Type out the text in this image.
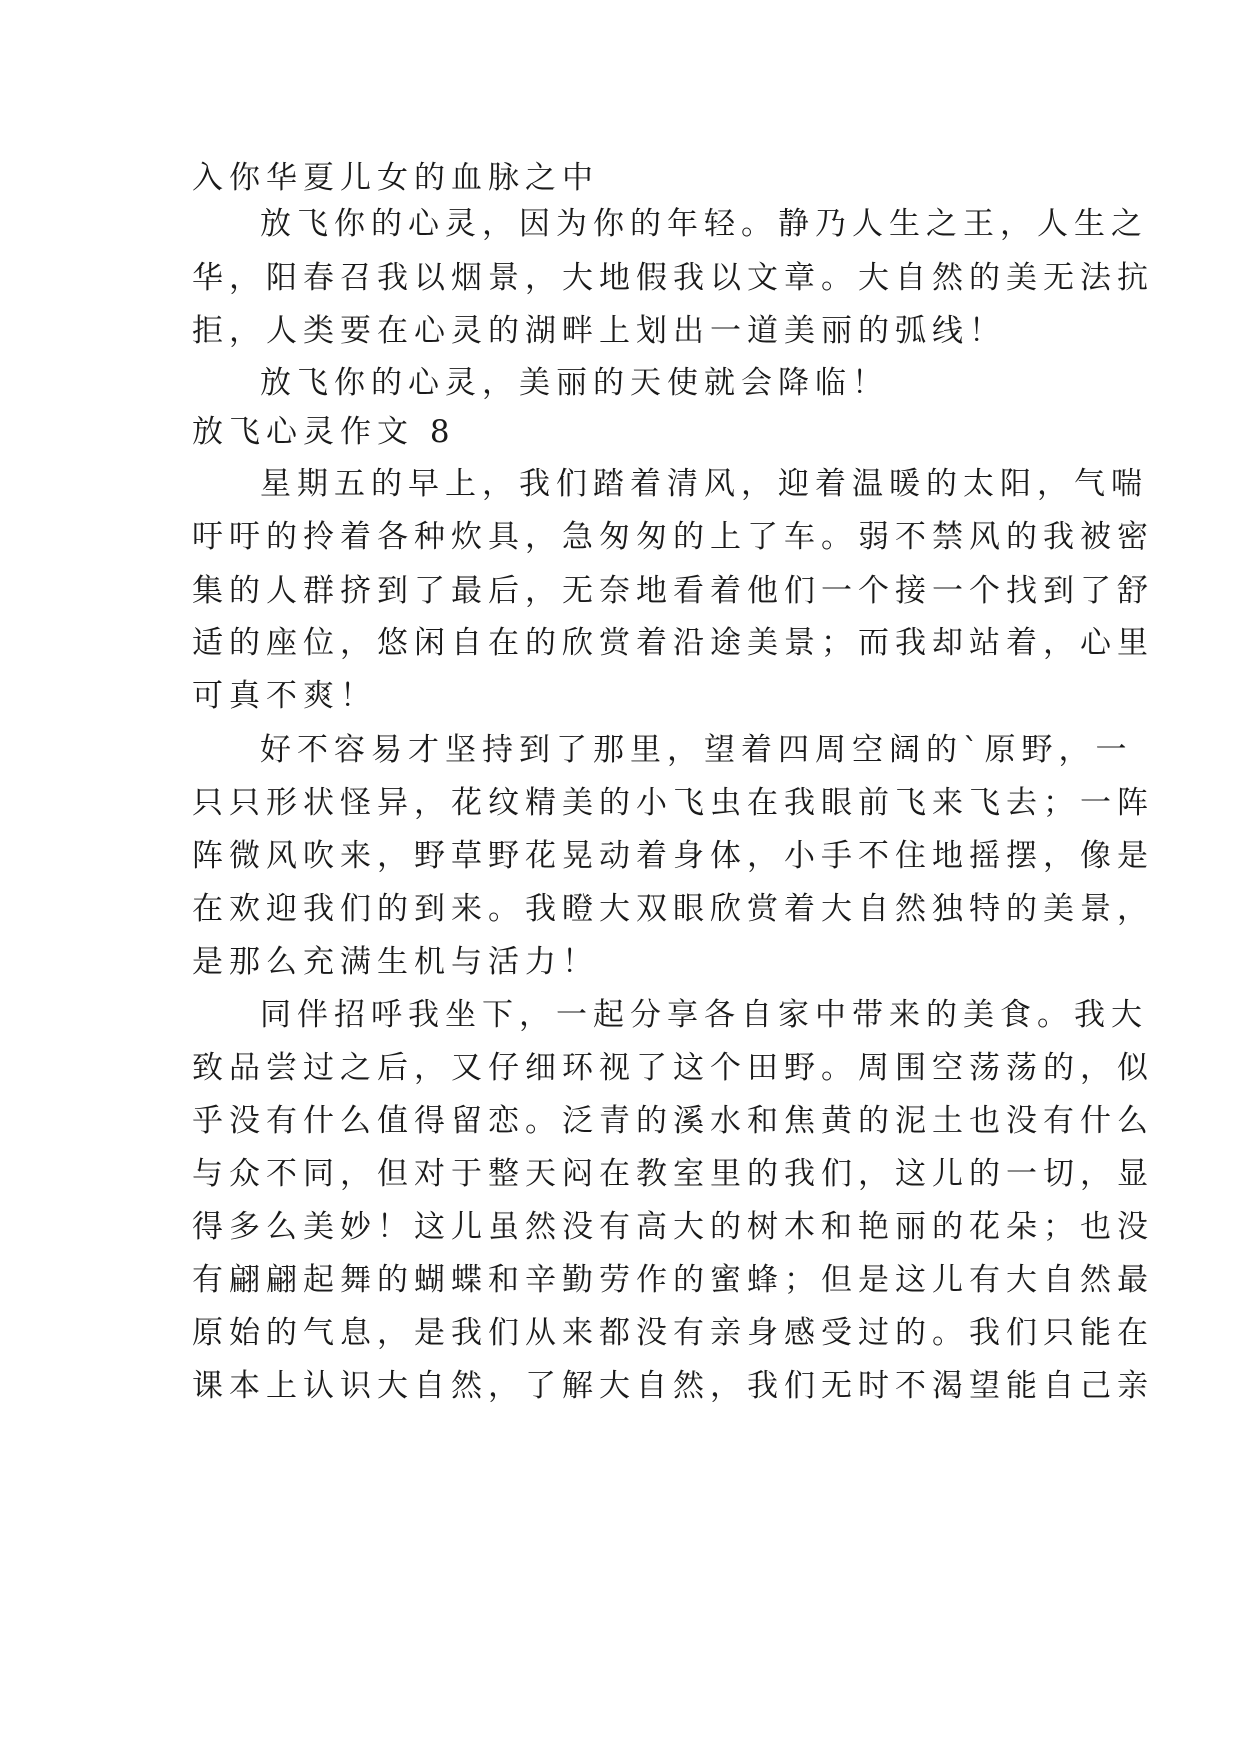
入你华夏儿女的血脉之中
放飞你的心灵，因为你的年轻。静乃人生之王，人生之
华，阳春召我以烟景，大地假我以文章。大自然的美无法抗
拒，人类要在心灵的湖畔上划出一道美丽的弧线！
放飞你的心灵，美丽的天使就会降临！
放飞心灵作文 8
星期五的早上，我们踏着清风，迎着温暖的太阳，气喘
吁吁的拎着各种炊具，急匆匆的上了车。弱不禁风的我被密
集的人群挤到了最后，无奈地看着他们一个接一个找到了舒
适的座位，悠闲自在的欣赏着沿途美景；而我却站着，心里
可真不爽！
好不容易才坚持到了那里，望着四周空阔的`原野，一
只只形状怪异，花纹精美的小飞虫在我眼前飞来飞去；一阵
阵微风吹来，野草野花晃动着身体，小手不住地摇摆，像是
在欢迎我们的到来。我瞪大双眼欣赏着大自然独特的美景，
是那么充满生机与活力！
同伴招呼我坐下，一起分享各自家中带来的美食。我大
致品尝过之后，又仔细环视了这个田野。周围空荡荡的，似
乎没有什么值得留恋。泛青的溪水和焦黄的泥土也没有什么
与众不同，但对于整天闷在教室里的我们，这儿的一切，显
得多么美妙！这儿虽然没有高大的树木和艳丽的花朵；也没
有翩翩起舞的蝴蝶和辛勤劳作的蜜蜂；但是这儿有大自然最
原始的气息，是我们从来都没有亲身感受过的。我们只能在
课本上认识大自然，了解大自然，我们无时不渴望能自己亲
